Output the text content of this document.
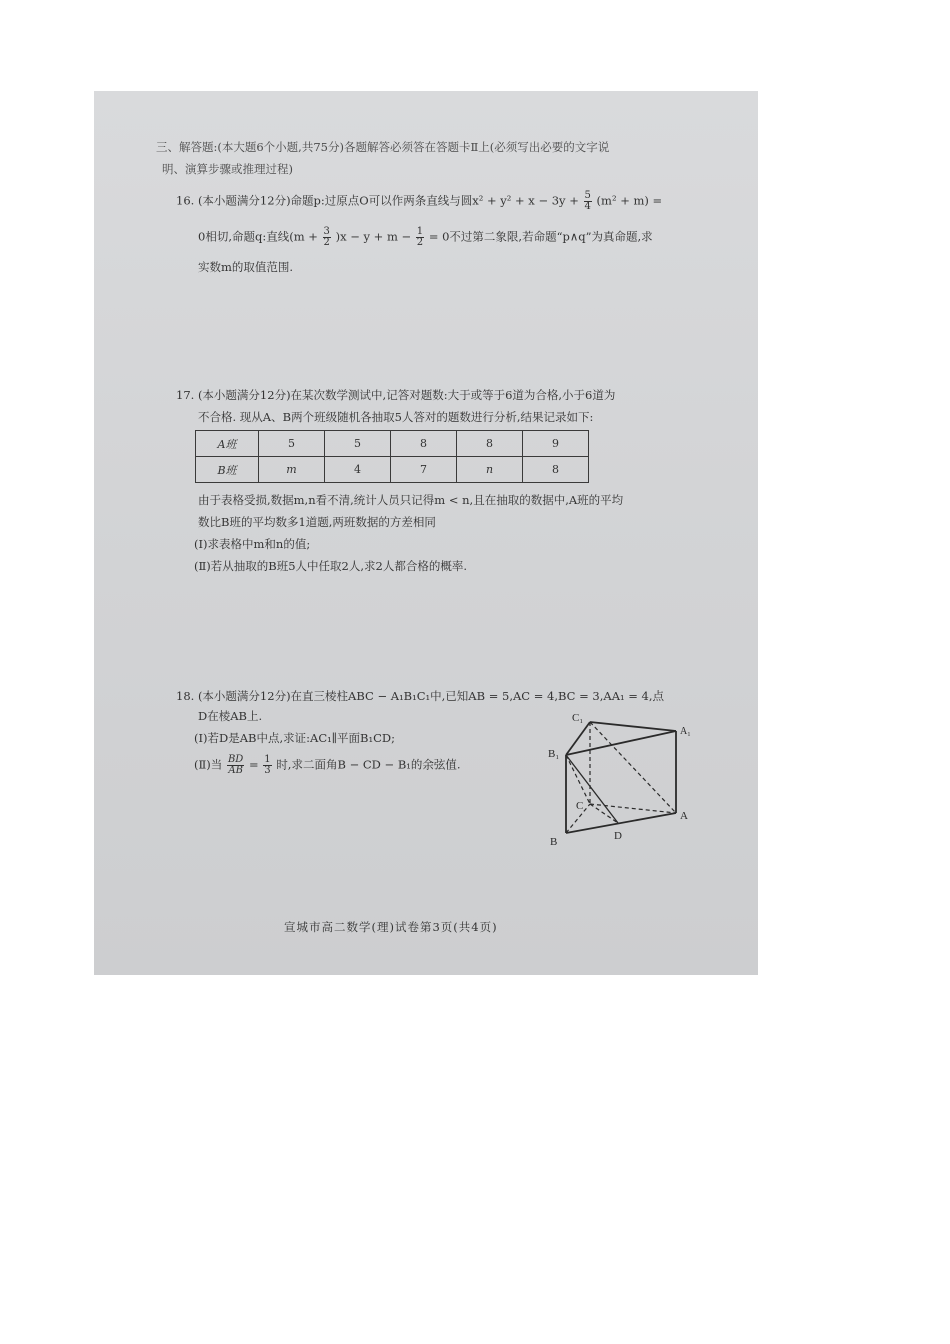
三、解答题:(本大题6个小题,共75分)各题解答必须答在答题卡Ⅱ上(必须写出必要的文字说
明、演算步骤或推理过程)
16. (本小题满分12分)命题p:过原点O可以作两条直线与圆$x^2 + y^2 + x - 3y + \frac{5}{4} (m^2 + m)$ =
0相切,命题q:直线$(m + \frac{3}{2} )x - y + m - \frac{1}{2} = 0$不过第二象限,若命题“p∧q”为真命题,求
实数m的取值范围.
17. (本小题满分12分)在某次数学测试中,记答对题数:大于或等于6道为合格,小于6道为
不合格. 现从A、B两个班级随机各抽取5人答对的题数进行分析,结果记录如下:
A班	5	5	8	8	9
B班	m	4	7	n	8
由于表格受损,数据m,n看不清,统计人员只记得m < n,且在抽取的数据中,A班的平均
数比B班的平均数多1道题,两班数据的方差相同
(Ⅰ)求表格中m和n的值;
(Ⅱ)若从抽取的B班5人中任取2人,求2人都合格的概率.
18. (本小题满分12分)在直三棱柱ABC − A₁B₁C₁中,已知AB = 5,AC = 4,BC = 3,AA₁ = 4,点
D在棱AB上.
(Ⅰ)若D是AB中点,求证:AC₁∥平面B₁CD;
(Ⅱ)当 $\frac{BD}{AB} = \frac{1}{3}$ 时,求二面角B − CD − B₁的余弦值.
C₁
A₁
B₁
C
A
B	D
宣城市高二数学(理)试卷第3页(共4页)
